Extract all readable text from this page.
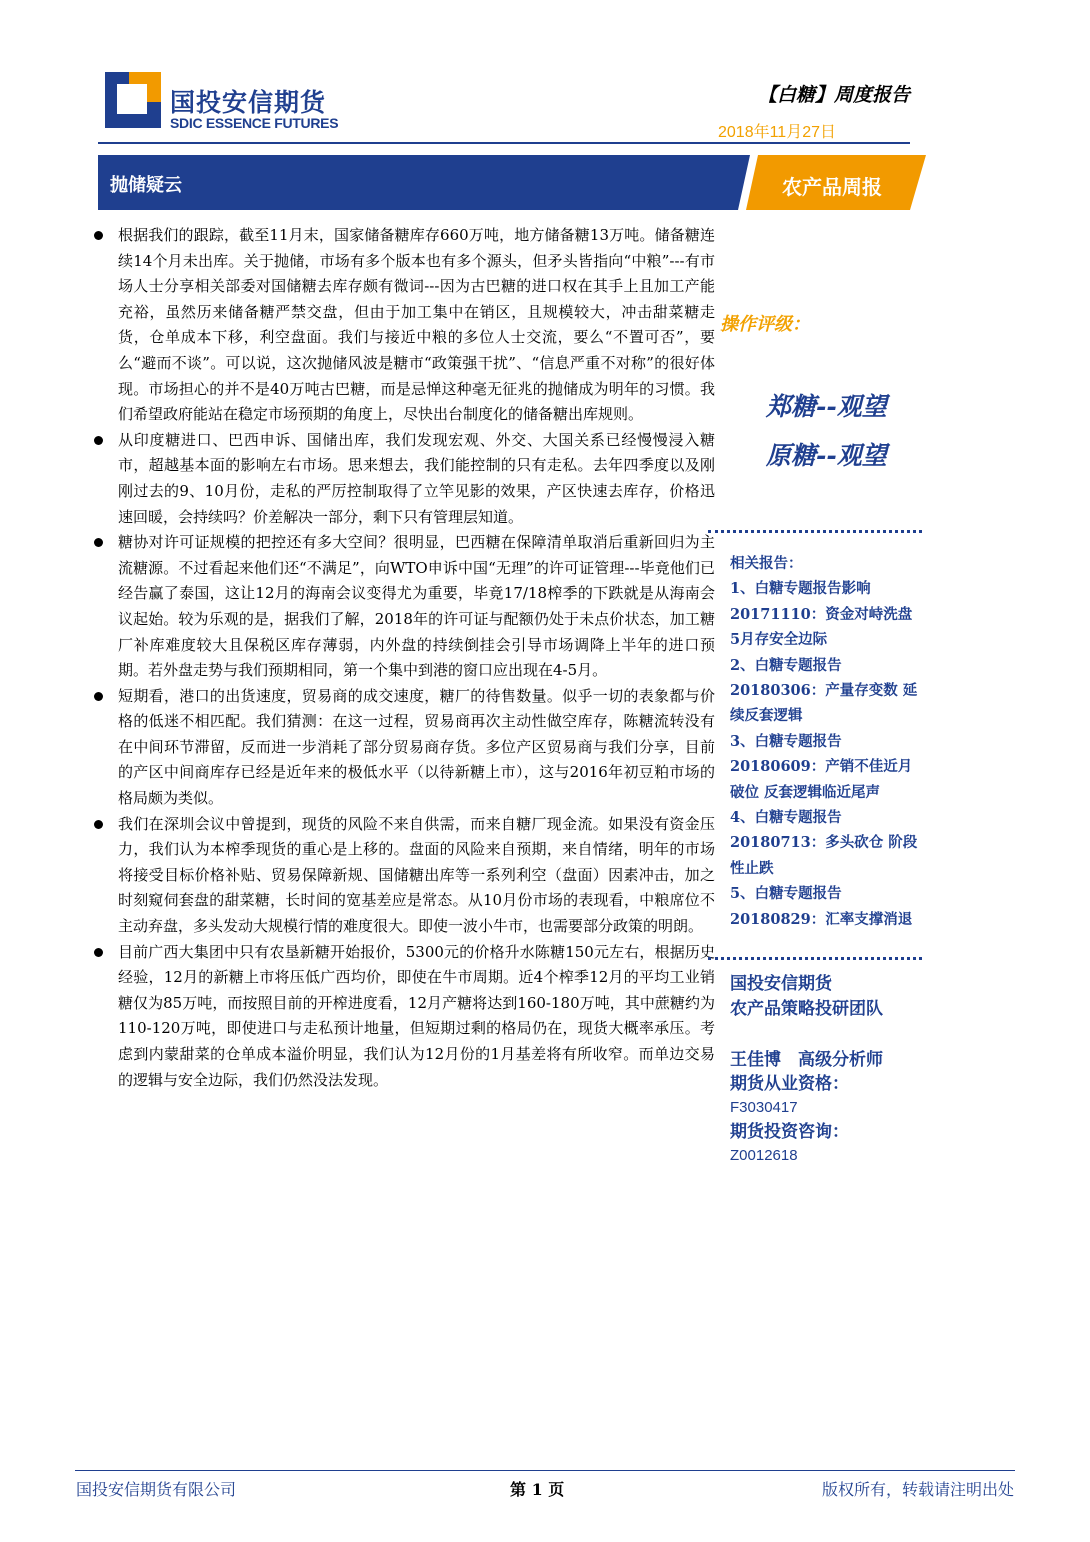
国投安信期货
SDIC ESSENCE FUTURES
【白糖】周度报告
2018年11月27日
抛储疑云	农产品周报

根据我们的跟踪，截至11月末，国家储备糖库存660万吨，地方储备糖13万吨。储备糖连续14个月未出库。关于抛储，市场有多个版本也有多个源头，但矛头皆指向“中粮”---有市场人士分享相关部委对国储糖去库存颇有微词---因为古巴糖的进口权在其手上且加工产能充裕，虽然历来储备糖严禁交盘，但由于加工集中在销区，且规模较大，冲击甜菜糖走货，仓单成本下移，利空盘面。我们与接近中粮的多位人士交流，要么“不置可否”，要么“避而不谈”。可以说，这次抛储风波是糖市“政策强干扰”、“信息严重不对称”的很好体现。市场担心的并不是40万吨古巴糖，而是忌惮这种毫无征兆的抛储成为明年的习惯。我们希望政府能站在稳定市场预期的角度上，尽快出台制度化的储备糖出库规则。

从印度糖进口、巴西申诉、国储出库，我们发现宏观、外交、大国关系已经慢慢浸入糖市，超越基本面的影响左右市场。思来想去，我们能控制的只有走私。去年四季度以及刚刚过去的9、10月份，走私的严厉控制取得了立竿见影的效果，产区快速去库存，价格迅速回暖，会持续吗？价差解决一部分，剩下只有管理层知道。

糖协对许可证规模的把控还有多大空间？很明显，巴西糖在保障清单取消后重新回归为主流糖源。不过看起来他们还“不满足”，向WTO申诉中国“无理”的许可证管理---毕竟他们已经告赢了泰国，这让12月的海南会议变得尤为重要，毕竟17/18榨季的下跌就是从海南会议起始。较为乐观的是，据我们了解，2018年的许可证与配额仍处于未点价状态，加工糖厂补库难度较大且保税区库存薄弱，内外盘的持续倒挂会引导市场调降上半年的进口预期。若外盘走势与我们预期相同，第一个集中到港的窗口应出现在4-5月。

短期看，港口的出货速度，贸易商的成交速度，糖厂的待售数量。似乎一切的表象都与价格的低迷不相匹配。我们猜测：在这一过程，贸易商再次主动性做空库存，陈糖流转没有在中间环节滞留，反而进一步消耗了部分贸易商存货。多位产区贸易商与我们分享，目前的产区中间商库存已经是近年来的极低水平（以待新糖上市），这与2016年初豆粕市场的格局颇为类似。

我们在深圳会议中曾提到，现货的风险不来自供需，而来自糖厂现金流。如果没有资金压力，我们认为本榨季现货的重心是上移的。盘面的风险来自预期，来自情绪，明年的市场将接受目标价格补贴、贸易保障新规、国储糖出库等一系列利空（盘面）因素冲击，加之时刻窥伺套盘的甜菜糖，长时间的宽基差应是常态。从10月份市场的表现看，中粮席位不主动弃盘，多头发动大规模行情的难度很大。即使一波小牛市，也需要部分政策的明朗。

目前广西大集团中只有农垦新糖开始报价，5300元的价格升水陈糖150元左右，根据历史经验，12月的新糖上市将压低广西均价，即使在牛市周期。近4个榨季12月的平均工业销糖仅为85万吨，而按照目前的开榨进度看，12月产糖将达到160-180万吨，其中蔗糖约为110-120万吨，即使进口与走私预计地量，但短期过剩的格局仍在，现货大概率承压。考虑到内蒙甜菜的仓单成本溢价明显，我们认为12月份的1月基差将有所收窄。而单边交易的逻辑与安全边际，我们仍然没法发现。

操作评级：
郑糖--观望
原糖--观望
相关报告：
1、白糖专题报告影响
20171110：资金对峙洗盘
5月存安全边际
2、白糖专题报告
20180306：产量存变数 延
续反套逻辑
3、白糖专题报告
20180609：产销不佳近月
破位 反套逻辑临近尾声
4、白糖专题报告
20180713：多头砍仓 阶段
性止跌
5、白糖专题报告
20180829：汇率支撑消退
国投安信期货
农产品策略投研团队
王佳博　高级分析师
期货从业资格：
F3030417
期货投资咨询：
Z0012618
国投安信期货有限公司	第 1 页	版权所有，转载请注明出处
